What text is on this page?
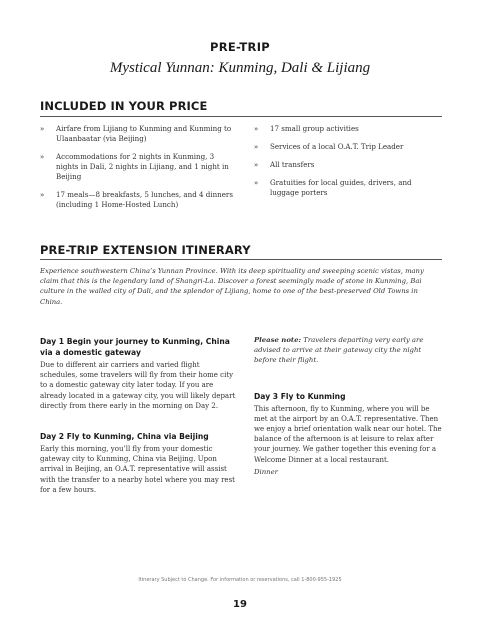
PRE-TRIP
Mystical Yunnan: Kunming, Dali & Lijiang
INCLUDED IN YOUR PRICE
» Airfare from Lijiang to Kunming and Kunming to Ulaanbaatar (via Beijing)
» Accommodations for 2 nights in Kunming, 3 nights in Dali, 2 nights in Lijiang, and 1 night in Beijing
» 17 meals—8 breakfasts, 5 lunches, and 4 dinners (including 1 Home-Hosted Lunch)
» 17 small group activities
» Services of a local O.A.T. Trip Leader
» All transfers
» Gratuities for local guides, drivers, and luggage porters
PRE-TRIP EXTENSION ITINERARY
Experience southwestern China’s Yunnan Province. With its deep spirituality and sweeping scenic vistas, many claim that this is the legendary land of Shangri-La. Discover a forest seemingly made of stone in Kunming, Bai culture in the walled city of Dali, and the splendor of Lijiang, home to one of the best-preserved Old Towns in China.
Day 1 Begin your journey to Kunming, China via a domestic gateway

Due to different air carriers and varied flight schedules, some travelers will fly from their home city to a domestic gateway city later today. If you are already located in a gateway city, you will likely depart directly from there early in the morning on Day 2.

Day 2 Fly to Kunming, China via Beijing

Early this morning, you’ll fly from your domestic gateway city to Kunming, China via Beijing. Upon arrival in Beijing, an O.A.T. representative will assist with the transfer to a nearby hotel where you may rest for a few hours.

Please note: Travelers departing very early are advised to arrive at their gateway city the night before their flight.

Day 3 Fly to Kunming

This afternoon, fly to Kunming, where you will be met at the airport by an O.A.T. representative. Then we enjoy a brief orientation walk near our hotel. The balance of the afternoon is at leisure to relax after your journey. We gather together this evening for a Welcome Dinner at a local restaurant.

Dinner

Itinerary Subject to Change. For information or reservations, call 1-800-955-1925
19
